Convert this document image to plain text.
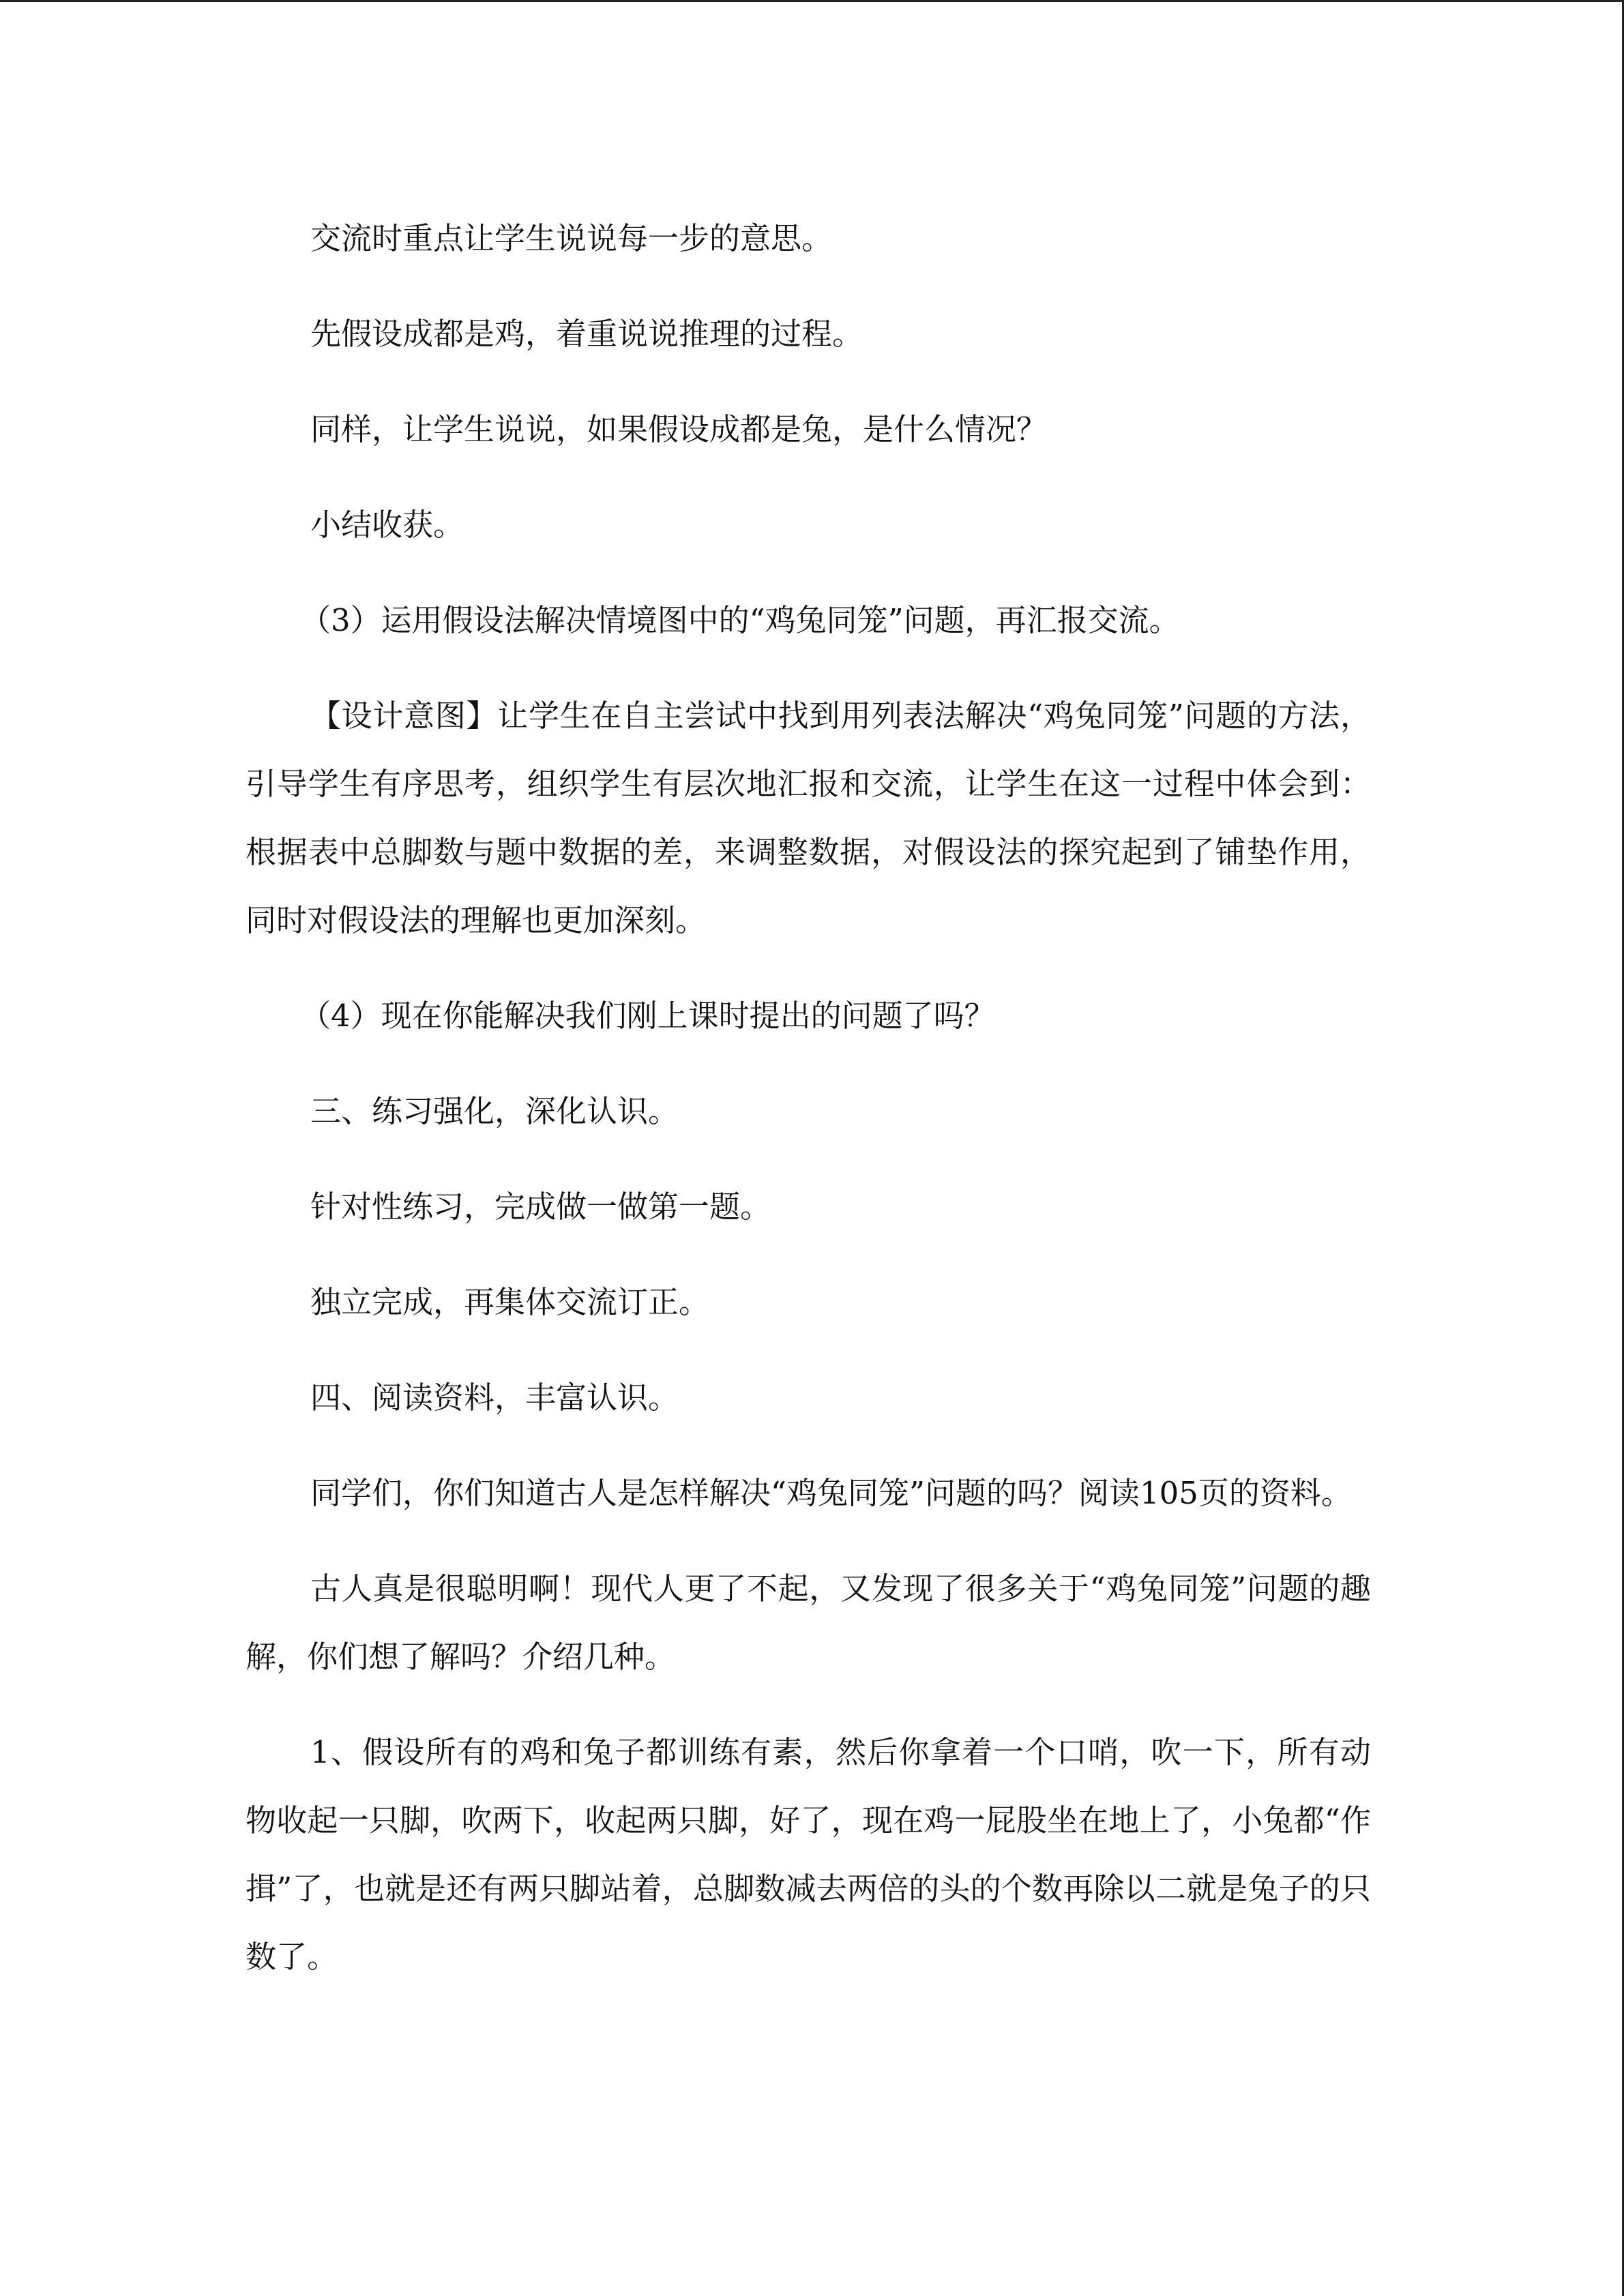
交流时重点让学生说说每一步的意思。

先假设成都是鸡，着重说说推理的过程。

同样，让学生说说，如果假设成都是兔，是什么情况？

小结收获。

（3）运用假设法解决情境图中的“鸡兔同笼”问题，再汇报交流。

【设计意图】让学生在自主尝试中找到用列表法解决“鸡兔同笼”问题的方法，引导学生有序思考，组织学生有层次地汇报和交流，让学生在这一过程中体会到：根据表中总脚数与题中数据的差，来调整数据，对假设法的探究起到了铺垫作用，同时对假设法的理解也更加深刻。

（4）现在你能解决我们刚上课时提出的问题了吗？

三、练习强化，深化认识。

针对性练习，完成做一做第一题。

独立完成，再集体交流订正。

四、阅读资料，丰富认识。

同学们，你们知道古人是怎样解决“鸡兔同笼”问题的吗？阅读105页的资料。

古人真是很聪明啊！现代人更了不起，又发现了很多关于“鸡兔同笼”问题的趣解，你们想了解吗？介绍几种。

1、假设所有的鸡和兔子都训练有素，然后你拿着一个口哨，吹一下，所有动物收起一只脚，吹两下，收起两只脚，好了，现在鸡一屁股坐在地上了，小兔都“作揖”了，也就是还有两只脚站着，总脚数减去两倍的头的个数再除以二就是兔子的只数了。
